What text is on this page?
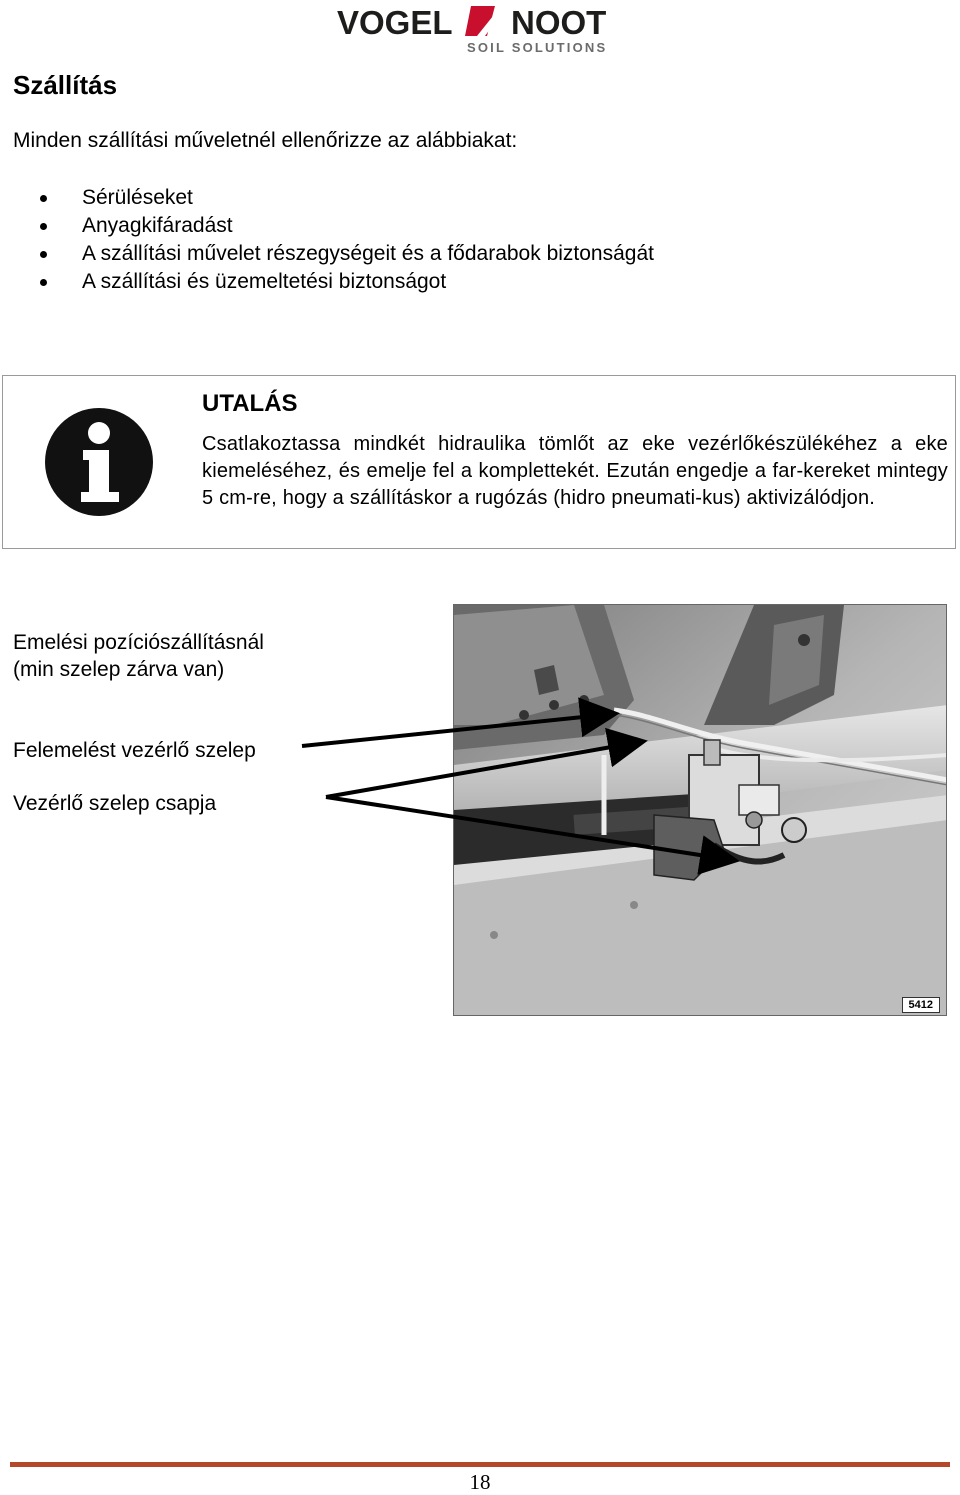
VOGEL NOOT
SOIL SOLUTIONS
Szállítás

Minden szállítási műveletnél ellenőrizze az alábbiakat:

Sérüléseket
Anyagkifáradást
A szállítási művelet részegységeit és a fődarabok biztonságát
A szállítási és üzemeltetési biztonságot
UTALÁS

Csatlakoztassa mindkét hidraulika tömlőt az eke vezérlőkészülékéhez a eke kiemeléséhez, és emelje fel a komplettekét. Ezután engedje a far-kereket mintegy 5 cm-re, hogy a szállításkor a rugózás (hidro pneumati-kus) aktivizálódjon.

Emelési pozíciószállításnál

(min szelep zárva van)

Felemelést vezérlő szelep

Vezérlő szelep csapja

5412
18
